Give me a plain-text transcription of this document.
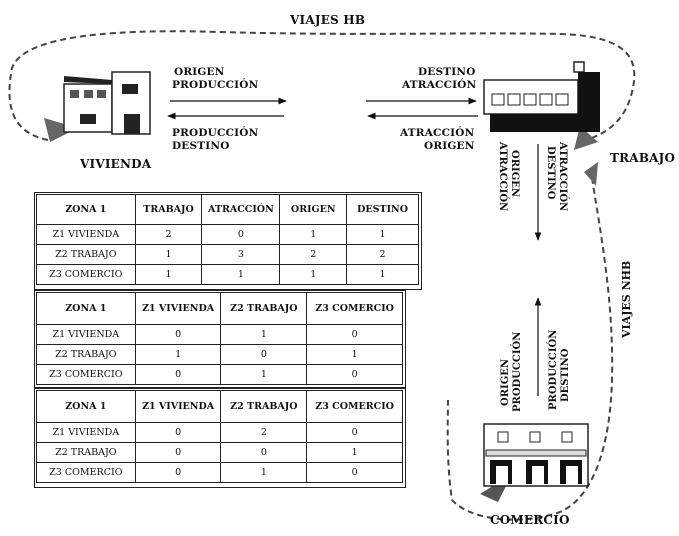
VIAJES HB
ORIGEN
PRODUCCIÓN
PRODUCCIÓN
DESTINO
DESTINO
ATRACCIÓN
ATRACCIÓN
ORIGEN
VIVIENDA	TRABAJO
COMERCIO
ATRACCIÓN ORIGEN	DESTINO ATRACCIÓN
ORIGEN PRODUCCIÓN	PRODUCCIÓN DESTINO
VIAJES NHB
ZONA 1	TRABAJO	ATRACCIÓN	ORIGEN	DESTINO
Z1 VIVIENDA	2	0	1	1
Z2 TRABAJO	1	3	2	2
Z3 COMERCIO	1	1	1	1
ZONA 1	Z1 VIVIENDA	Z2 TRABAJO	Z3 COMERCIO
Z1 VIVIENDA	0	1	0
Z2 TRABAJO	1	0	1
Z3 COMERCIO	0	1	0
ZONA 1	Z1 VIVIENDA	Z2 TRABAJO	Z3 COMERCIO
Z1 VIVIENDA	0	2	0
Z2 TRABAJO	0	0	1
Z3 COMERCIO	0	1	0
